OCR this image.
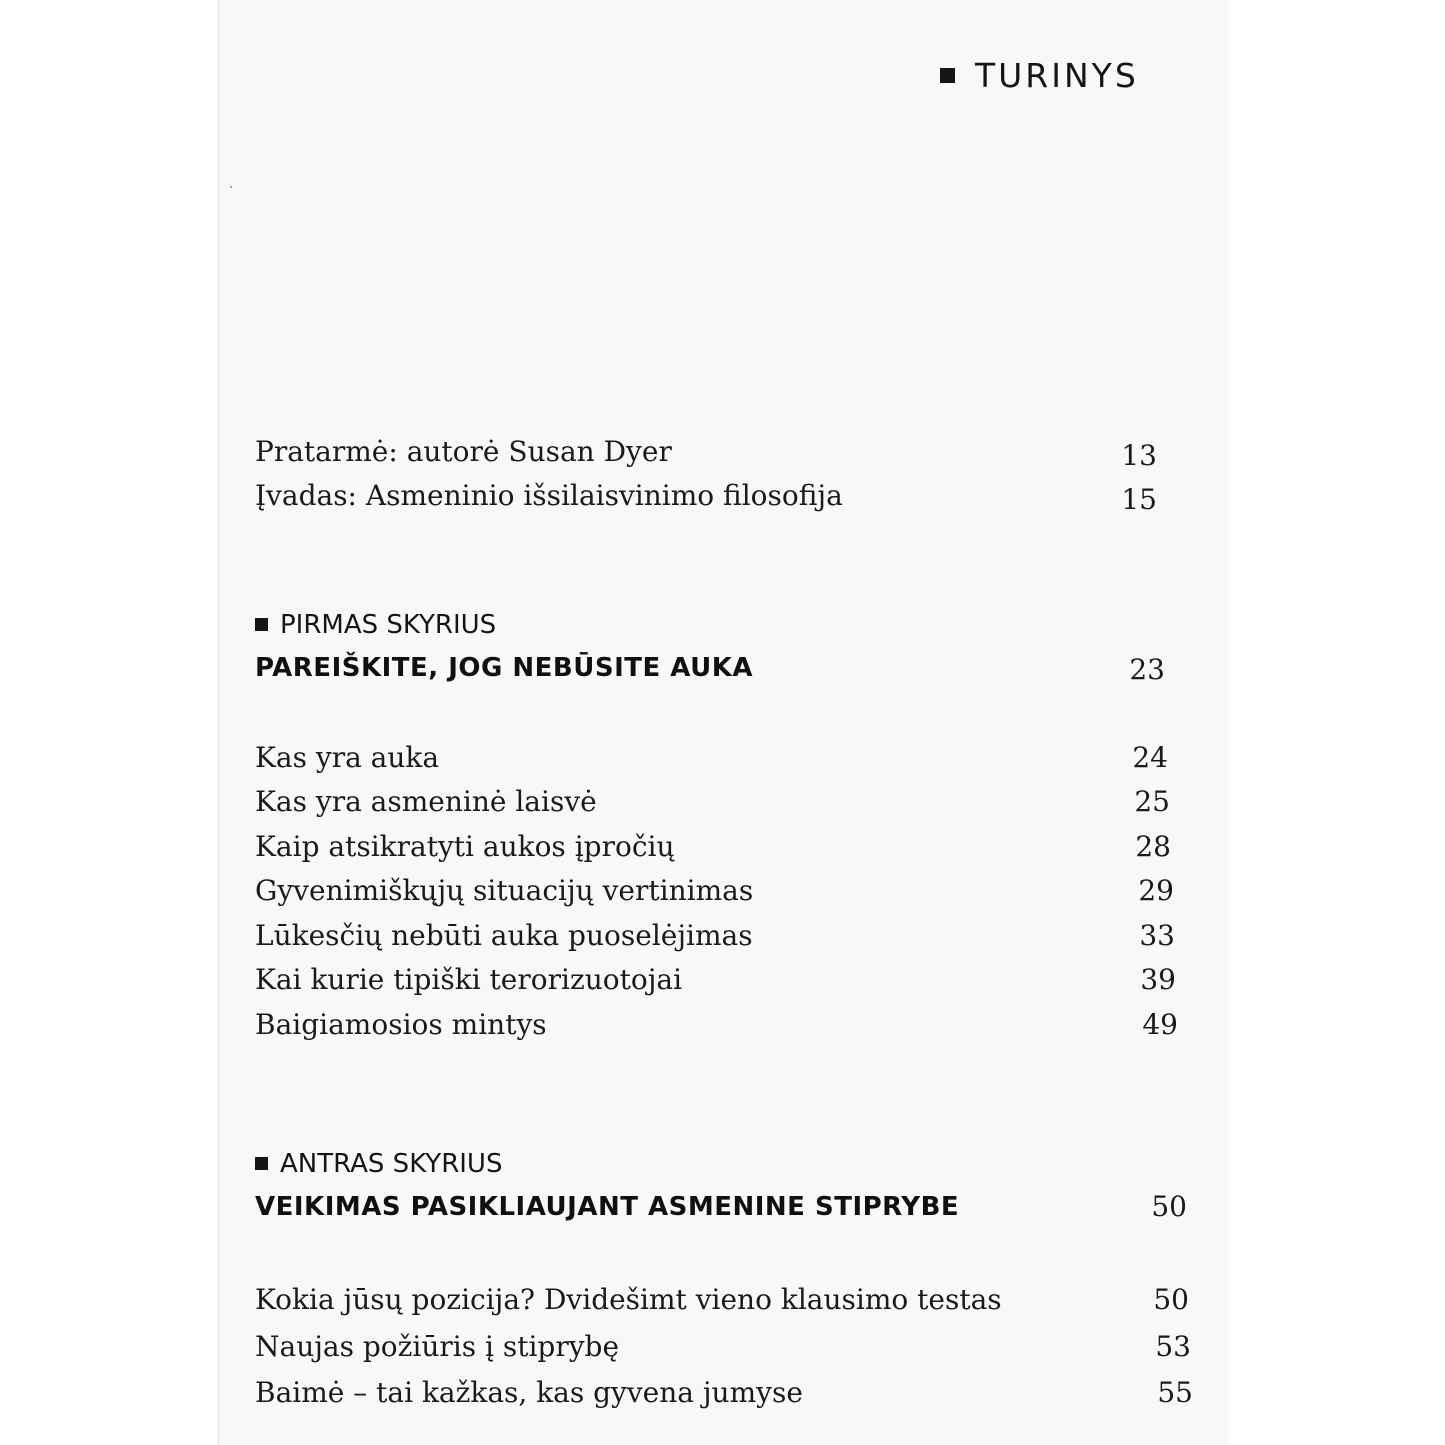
TURINYS
Pratarmė: autorė Susan Dyer	13
Įvadas: Asmeninio išsilaisvinimo filosofija	15
PIRMAS SKYRIUS
PAREIŠKITE, JOG NEBŪSITE AUKA	23
Kas yra auka	24
Kas yra asmeninė laisvė	25
Kaip atsikratyti aukos įpročių	28
Gyvenimiškųjų situacijų vertinimas	29
Lūkesčių nebūti auka puoselėjimas	33
Kai kurie tipiški terorizuotojai	39
Baigiamosios mintys	49
ANTRAS SKYRIUS
VEIKIMAS PASIKLIAUJANT ASMENINE STIPRYBE	50
Kokia jūsų pozicija? Dvidešimt vieno klausimo testas	50
Naujas požiūris į stiprybę	53
Baimė – tai kažkas, kas gyvena jumyse	55
